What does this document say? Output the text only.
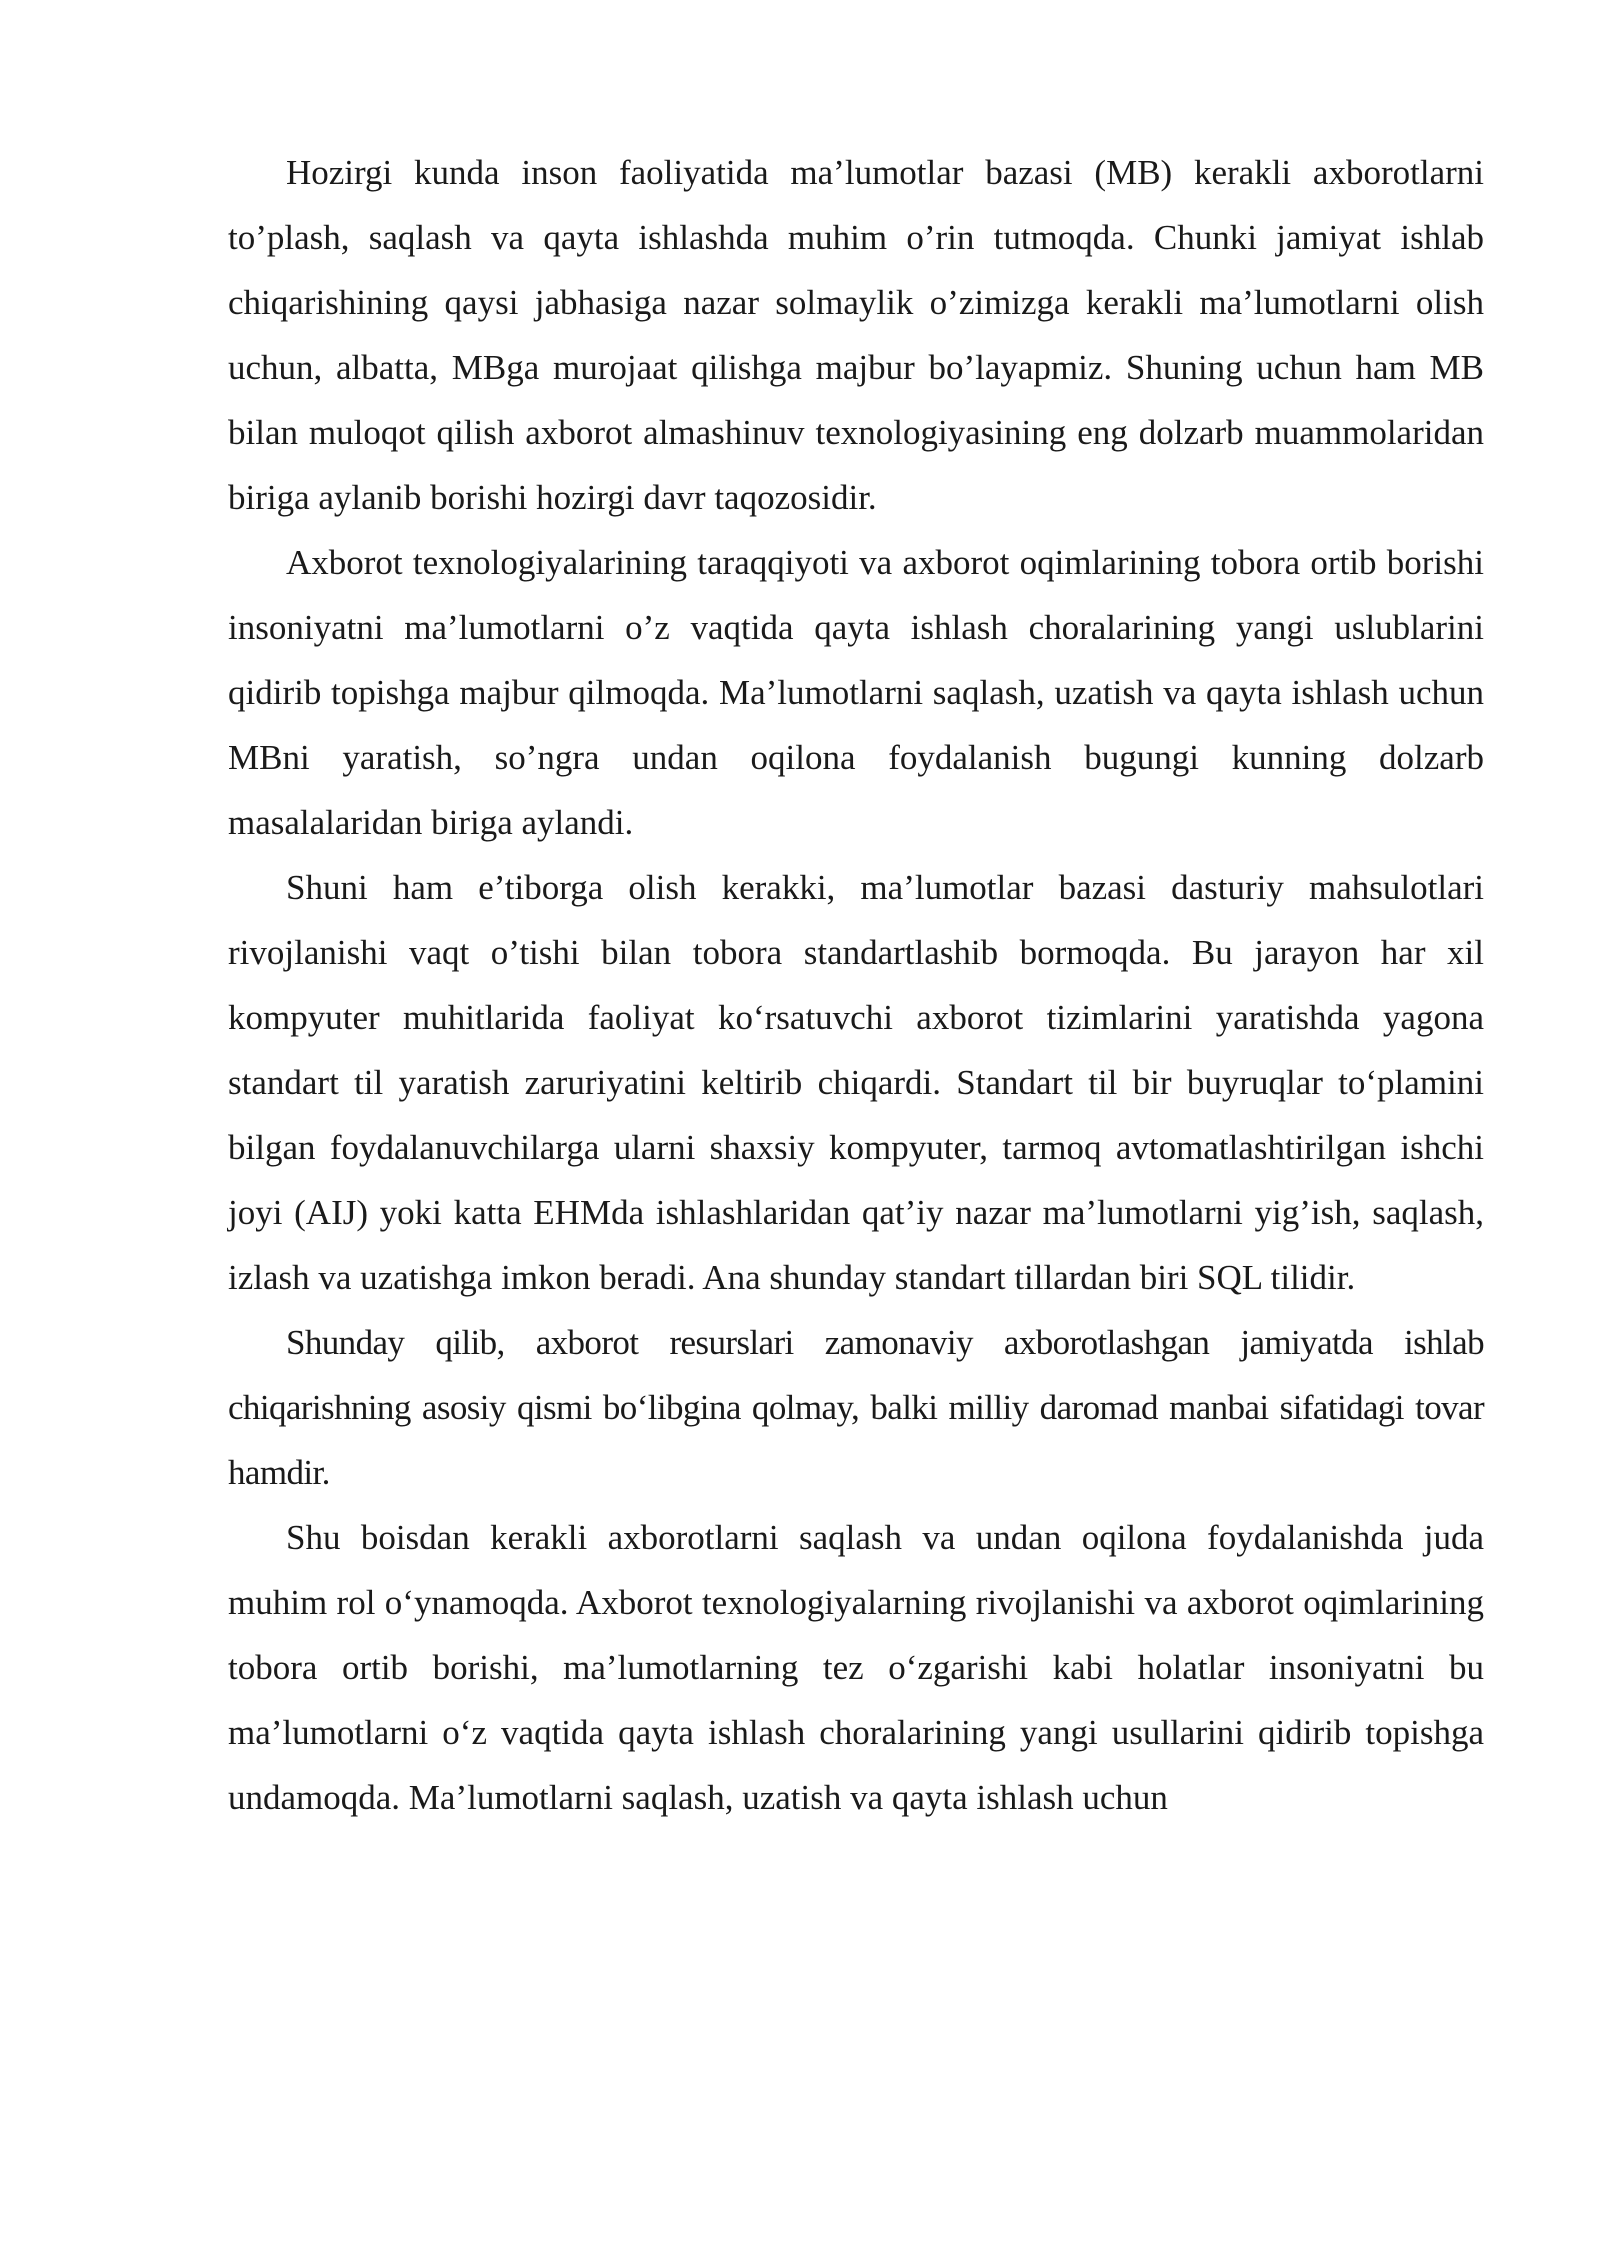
Hozirgi kunda inson faoliyatida ma’lumotlar bazasi (MB) kerakli axborotlarni to’plash, saqlash va qayta ishlashda muhim o’rin tutmoqda. Chunki jamiyat ishlab chiqarishining qaysi jabhasiga nazar solmaylik o’zimizga kerakli ma’lumotlarni olish uchun, albatta, MBga murojaat qilishga majbur bo’layapmiz. Shuning uchun ham MB bilan muloqot qilish axborot almashinuv texnologiyasining eng dolzarb muammolaridan biriga aylanib borishi hozirgi davr taqozosidir.

Axborot texnologiyalarining taraqqiyoti va axborot oqimlarining tobora ortib borishi insoniyatni ma’lumotlarni o’z vaqtida qayta ishlash choralarining yangi uslublarini qidirib topishga majbur qilmoqda. Ma’lumotlarni saqlash, uzatish va qayta ishlash uchun MBni yaratish, so’ngra undan oqilona foydalanish bugungi kunning dolzarb masalalaridan biriga aylandi.

Shuni ham e’tiborga olish kerakki, ma’lumotlar bazasi dasturiy mahsulotlari rivojlanishi vaqt o’tishi bilan tobora standartlashib bormoqda. Bu jarayon har xil kompyuter muhitlarida faoliyat ko‘rsatuvchi axborot tizimlarini yaratishda yagona standart til yaratish zaruriyatini keltirib chiqardi. Standart til bir buyruqlar to‘plamini bilgan foydalanuvchilarga ularni shaxsiy kompyuter, tarmoq avtomatlashtirilgan ishchi joyi (AIJ) yoki katta EHMda ishlashlaridan qat’iy nazar ma’lumotlarni yig’ish, saqlash, izlash va uzatishga imkon beradi. Ana shunday standart tillardan biri SQL tilidir.

Shunday qilib, axborot resurslari zamonaviy axborotlashgan jamiyatda ishlab chiqarishning asosiy qismi bo‘libgina qolmay, balki milliy daromad manbai sifatidagi tovar hamdir.

Shu boisdan kerakli axborotlarni saqlash va undan oqilona foydalanishda juda muhim rol o‘ynamoqda. Axborot texnologiyalarning rivojlanishi va axborot oqimlarining tobora ortib borishi, ma’lumotlarning tez o‘zgarishi kabi holatlar insoniyatni bu ma’lumotlarni o‘z vaqtida qayta ishlash choralarining yangi usullarini qidirib topishga undamoqda. Ma’lumotlarni saqlash, uzatish va qayta ishlash uchun
